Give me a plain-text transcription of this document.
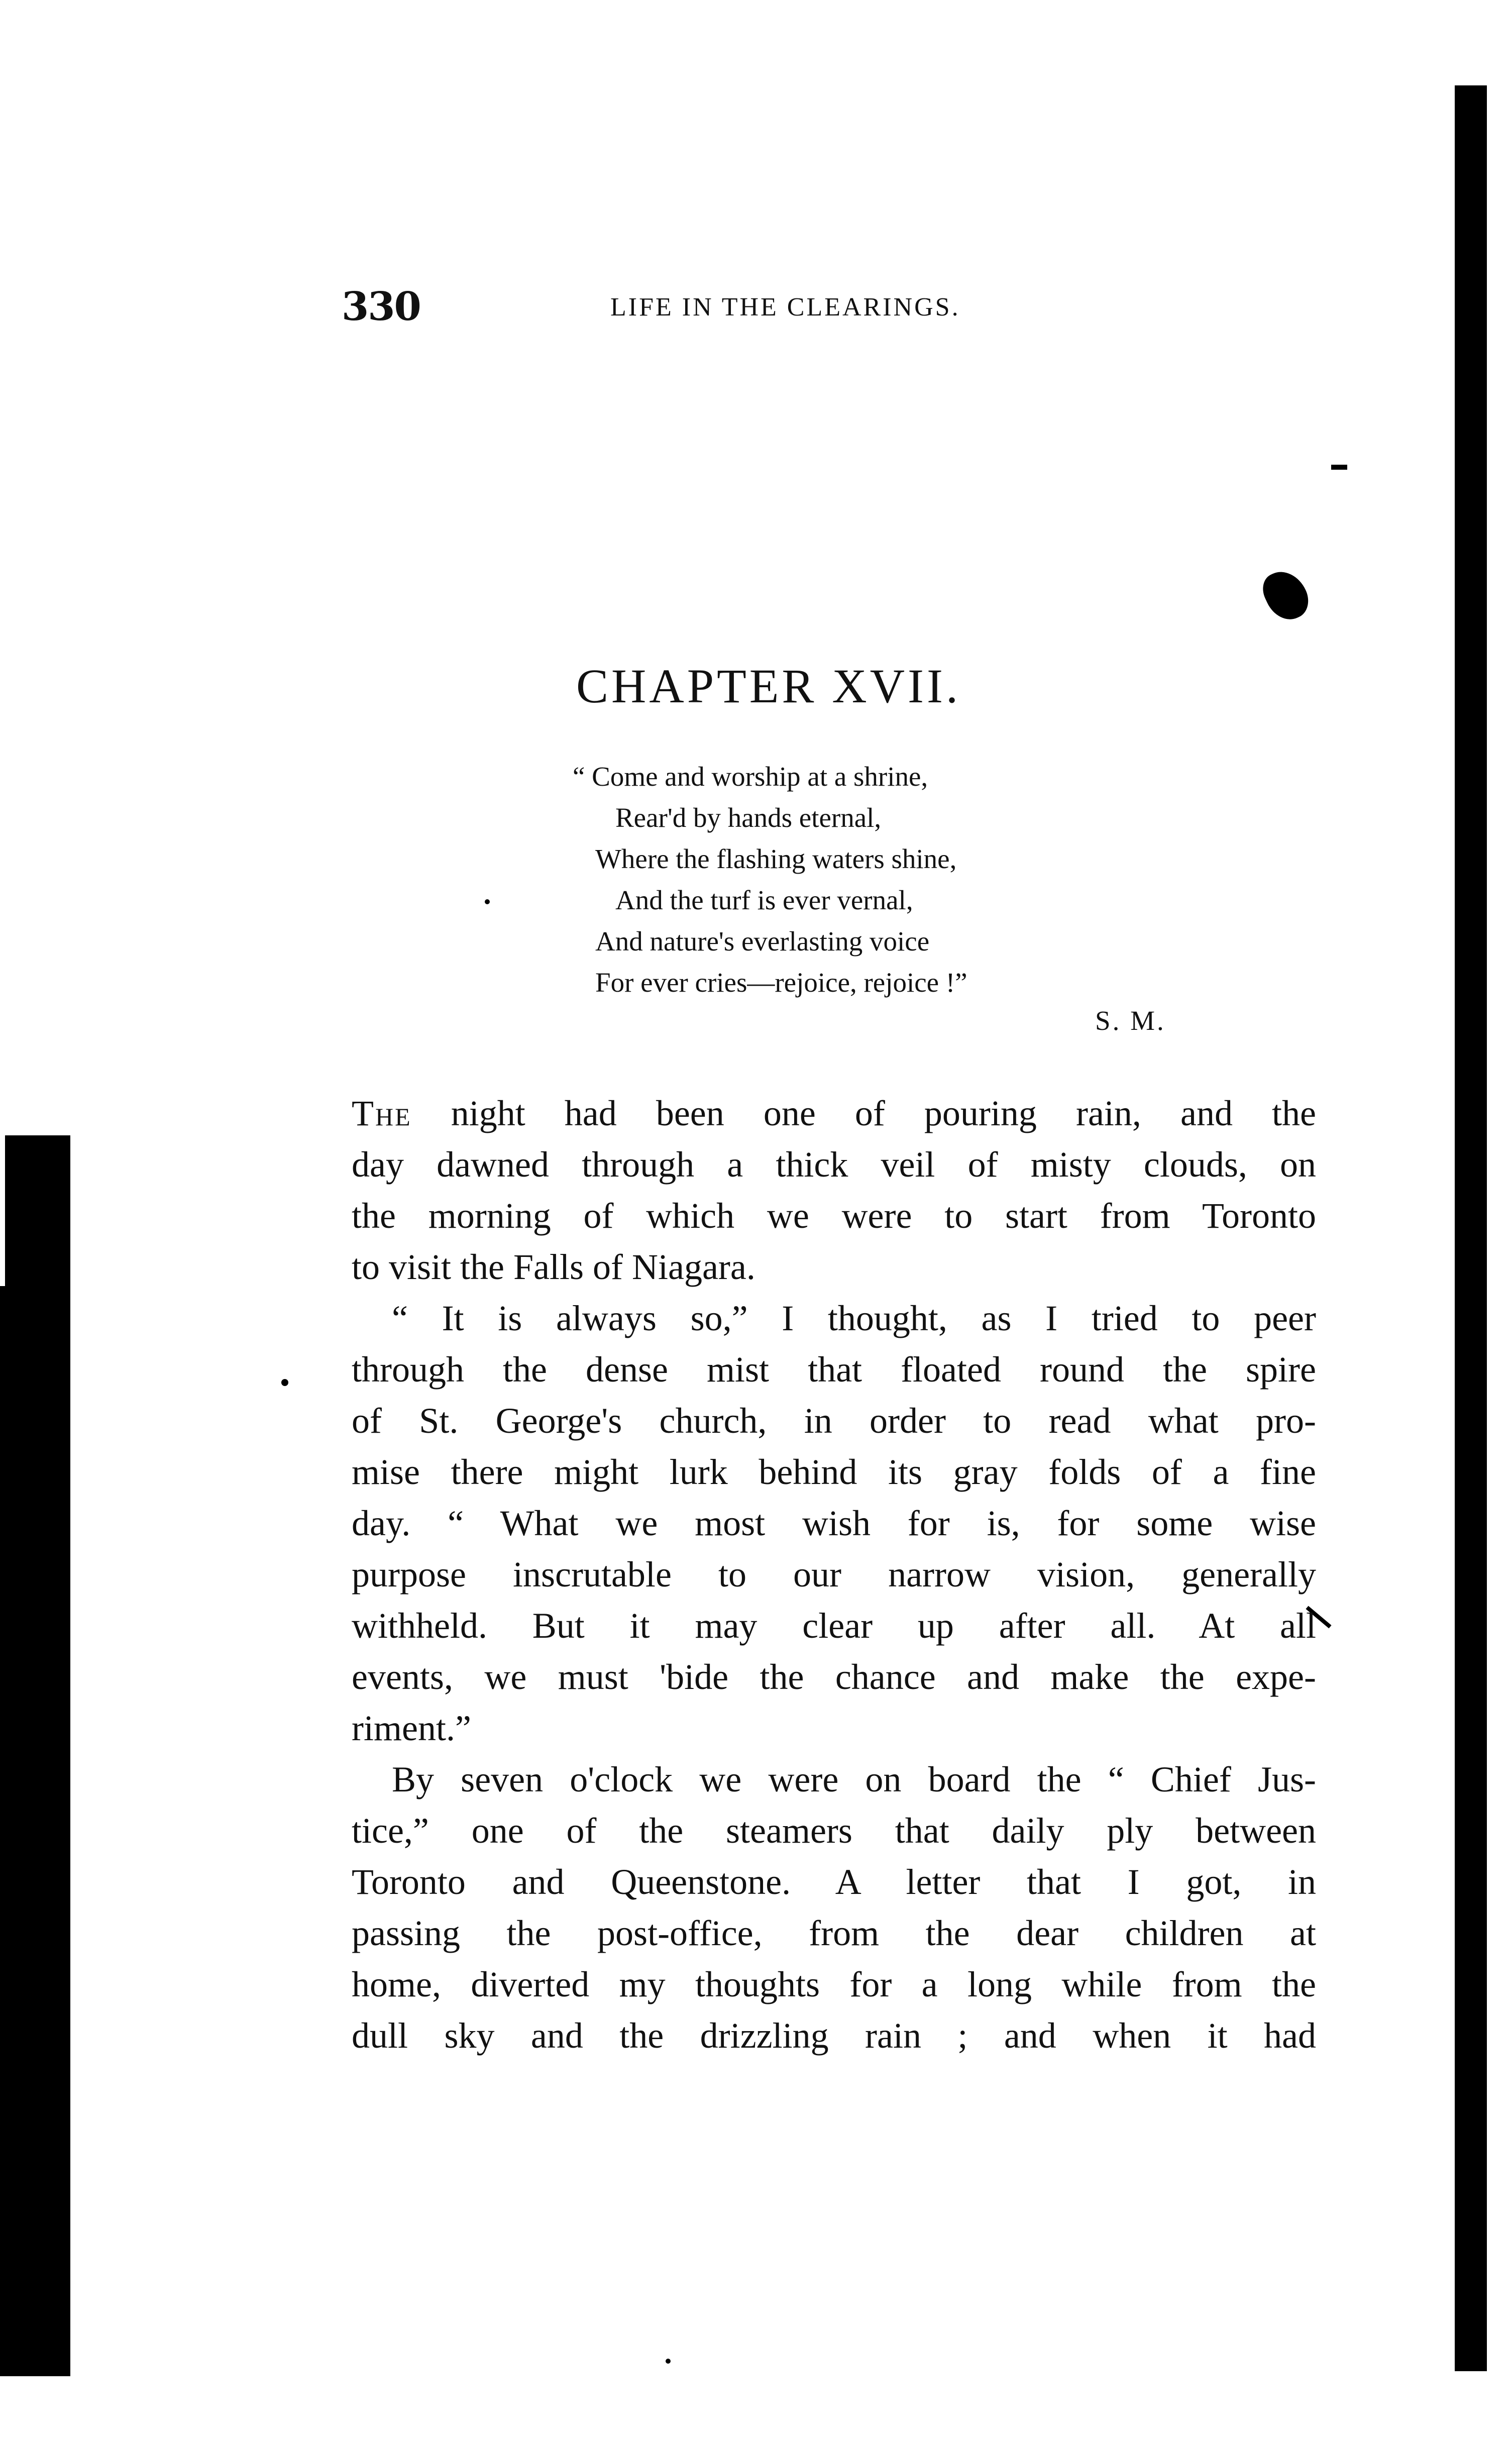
330	LIFE IN THE CLEARINGS.
CHAPTER XVII.
“ Come and worship at a shrine,
Rear'd by hands eternal,
Where the flashing waters shine,
And the turf is ever vernal,
And nature's everlasting voice
For ever cries—rejoice, rejoice !”
S. M.
The night had been one of pouring rain, and the
day dawned through a thick veil of misty clouds, on
the morning of which we were to start from Toronto
to visit the Falls of Niagara.
“ It is always so,” I thought, as I tried to peer
through the dense mist that floated round the spire
of St. George's church, in order to read what pro-
mise there might lurk behind its gray folds of a fine
day. “ What we most wish for is, for some wise
purpose inscrutable to our narrow vision, generally
withheld. But it may clear up after all. At all
events, we must 'bide the chance and make the expe-
riment.”
By seven o'clock we were on board the “ Chief Jus-
tice,” one of the steamers that daily ply between
Toronto and Queenstone. A letter that I got, in
passing the post-office, from the dear children at
home, diverted my thoughts for a long while from the
dull sky and the drizzling rain ; and when it had
